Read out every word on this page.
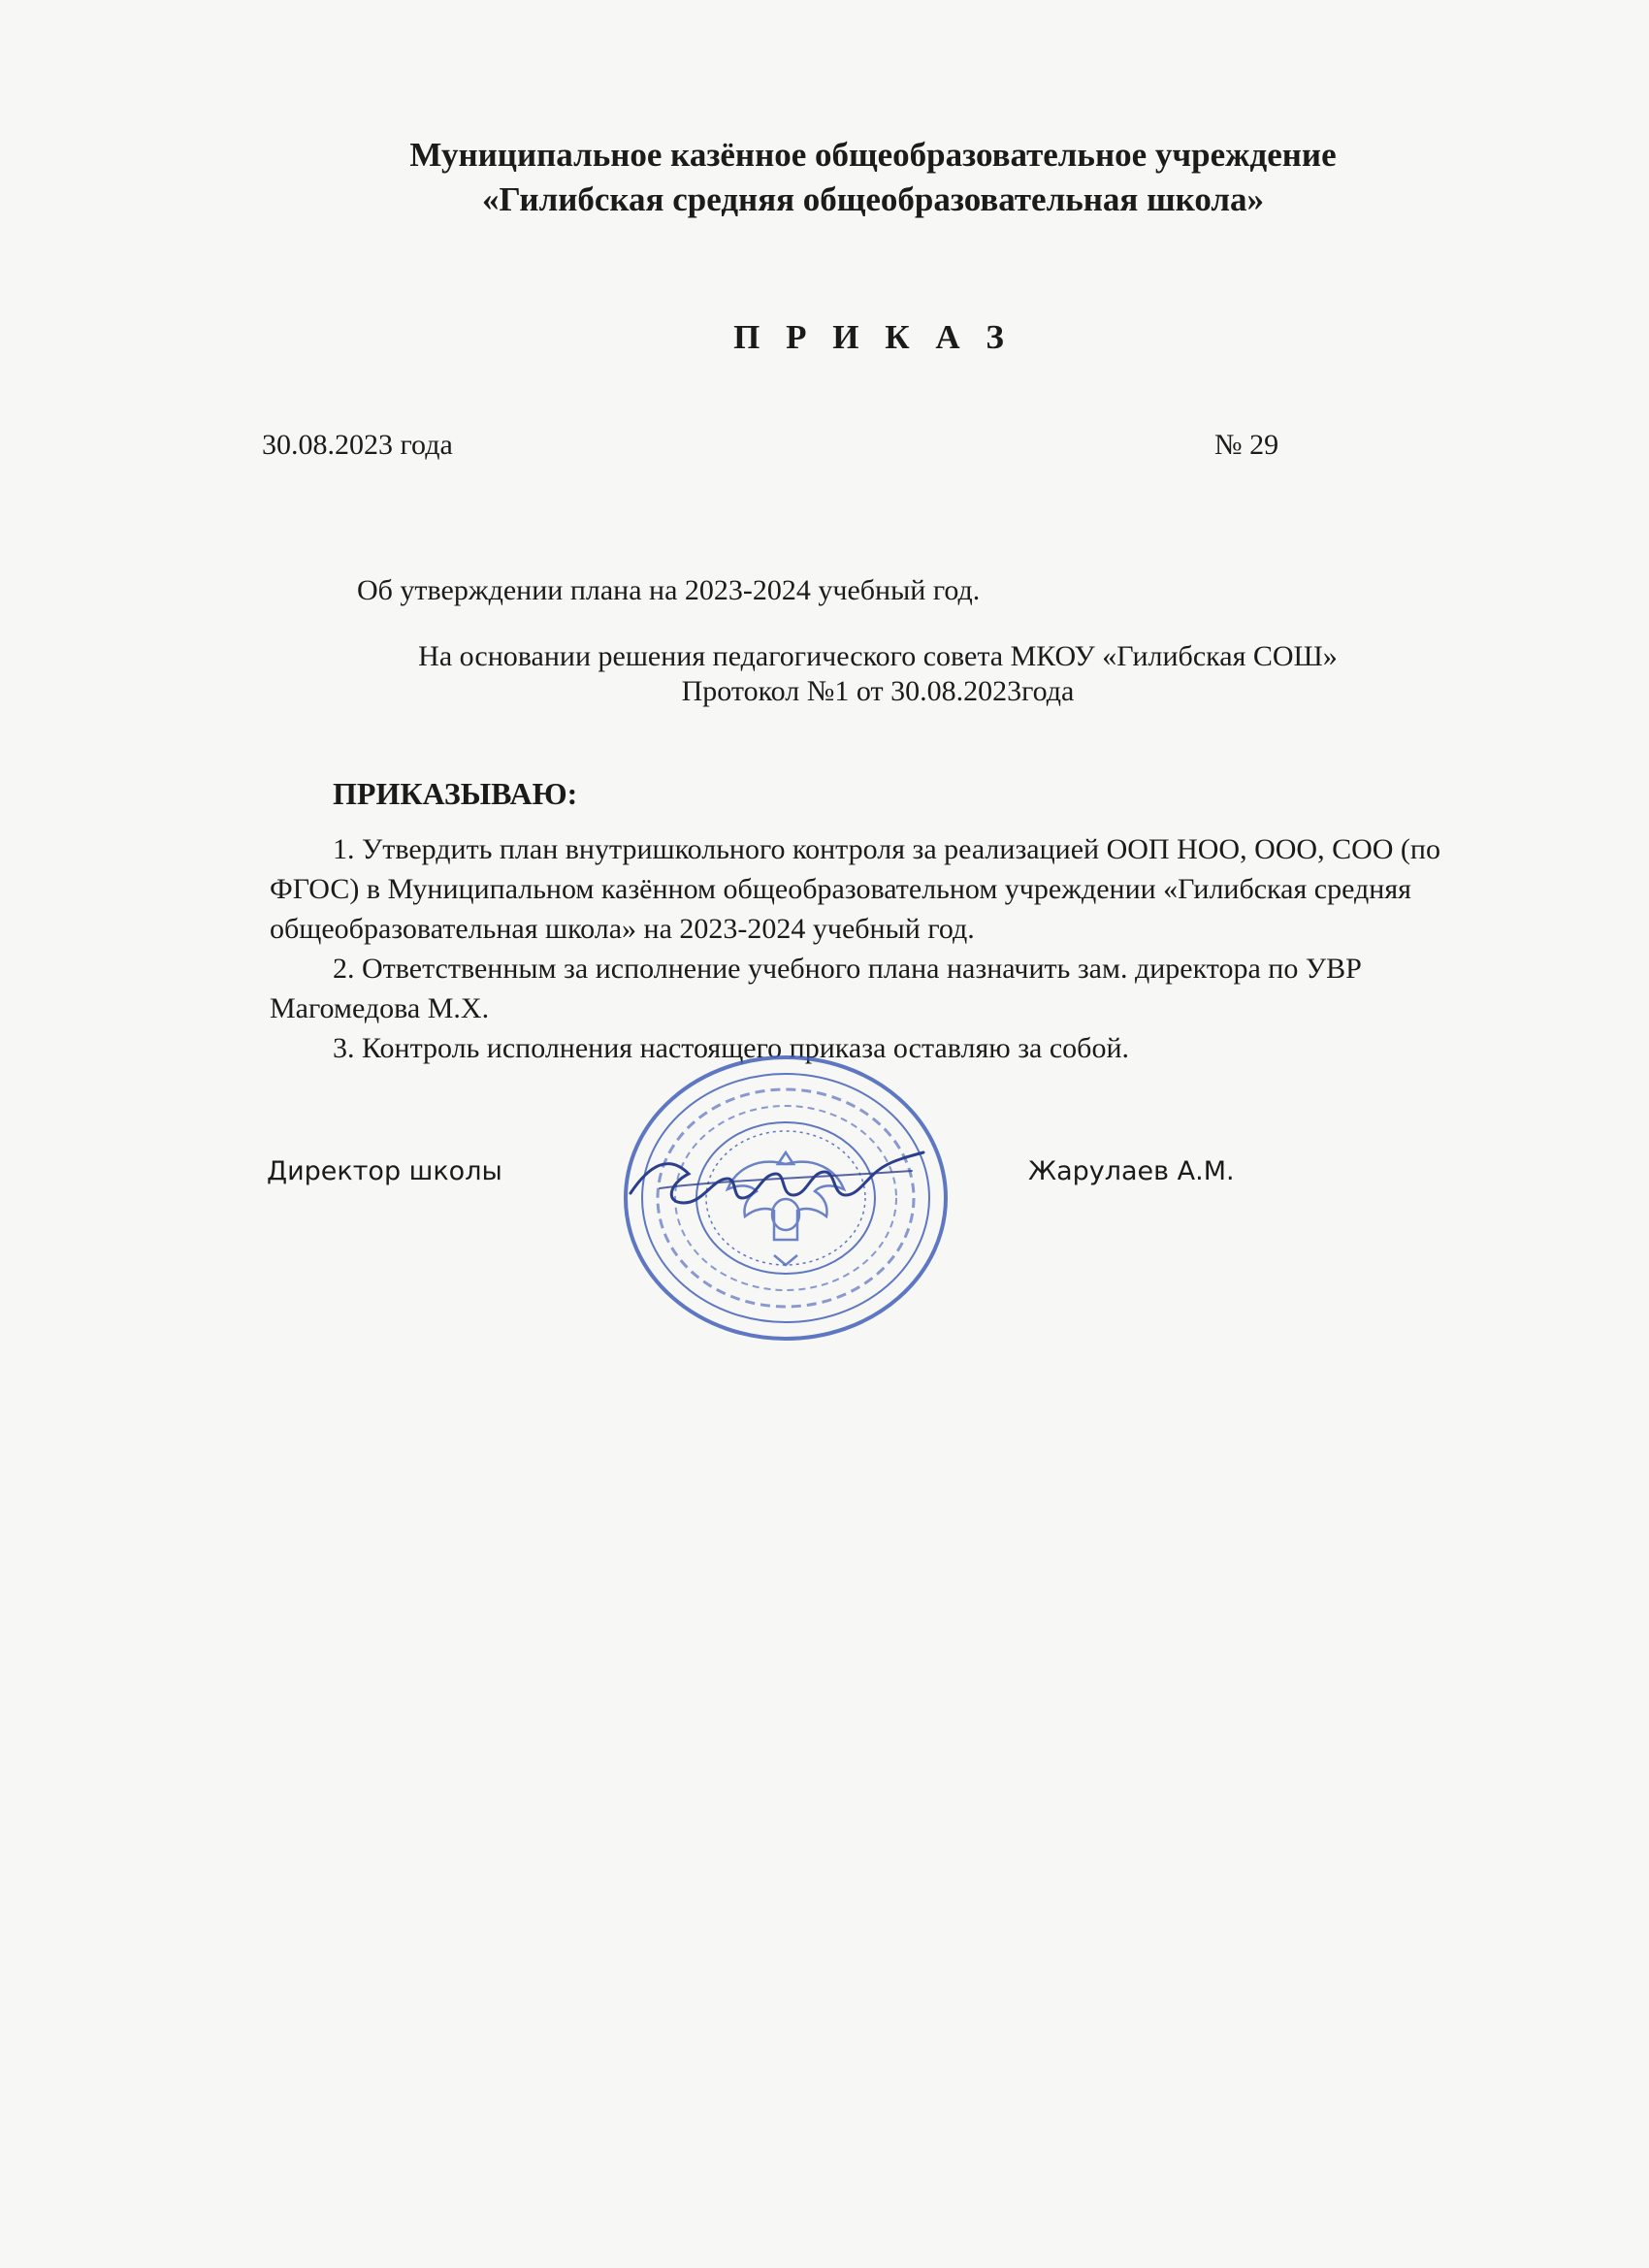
Муниципальное казённое общеобразовательное учреждение
«Гилибская средняя общеобразовательная школа»
П Р И К А З
30.08.2023 года	№ 29
Об утверждении плана на 2023-2024 учебный год.
На основании решения педагогического совета МКОУ «Гилибская СОШ»
Протокол №1 от 30.08.2023года
ПРИКАЗЫВАЮ:

1. Утвердить план внутришкольного контроля за реализацией ООП НОО, ООО, СОО (по ФГОС) в Муниципальном казённом общеобразовательном учреждении «Гилибская средняя общеобразовательная школа» на 2023-2024 учебный год.

2. Ответственным за исполнение учебного плана назначить зам. директора по УВР Магомедова М.Х.

3. Контроль исполнения настоящего приказа оставляю за собой.

Директор школы	Жарулаев А.М.
